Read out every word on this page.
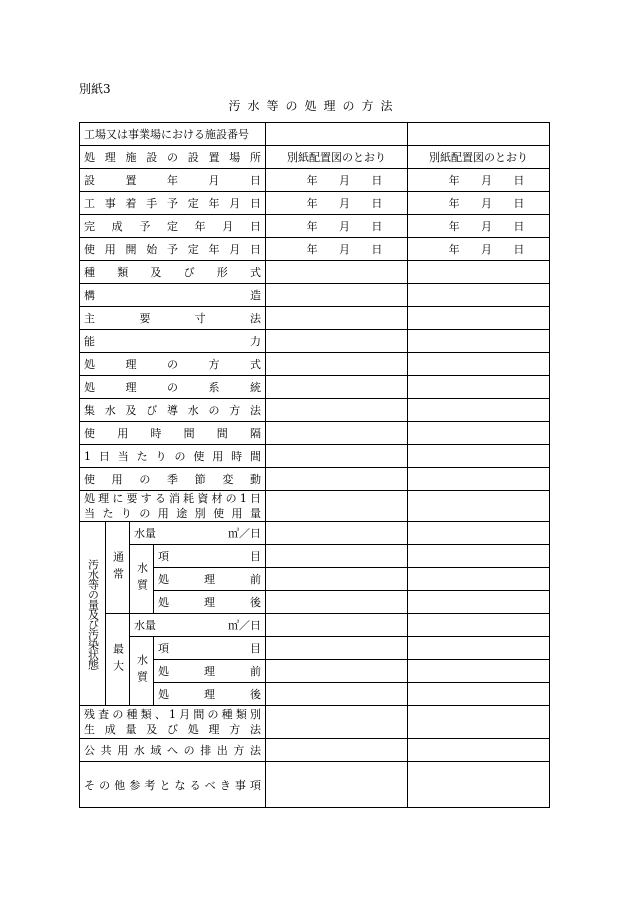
別紙3
汚水等の処理の方法
工場又は事業場における施設番号					

処理施設の設置場所				別紙配置図のとおり	別紙配置図のとおり

設置年月日				年 月 日	年 月 日

工事着手予定年月日				年 月 日	年 月 日

完成予定年月日				年 月 日	年 月 日

使用開始予定年月日				年 月 日	年 月 日

種類及び形式					

構 造					

主要寸法					

能 力					

処理の方式					

処理の系統					

集水及び導水の方法					

使用時間間隔					

1日当たりの使用時間					

使用の季節変動					

処理に要する消耗資材の1日
当たりの用途別使用量					

汚水等の量及び汚染状態	通常	水量 ㎥／日			

		水質	項目		

			処理前		

			処理後		

	最大	水量 ㎥／日			

		水質	項目		

			処理前		

			処理後		

残査の種類、1月間の種類別
生成量及び処理方法					

公共用水域への排出方法					

その他参考となるべき事項					
